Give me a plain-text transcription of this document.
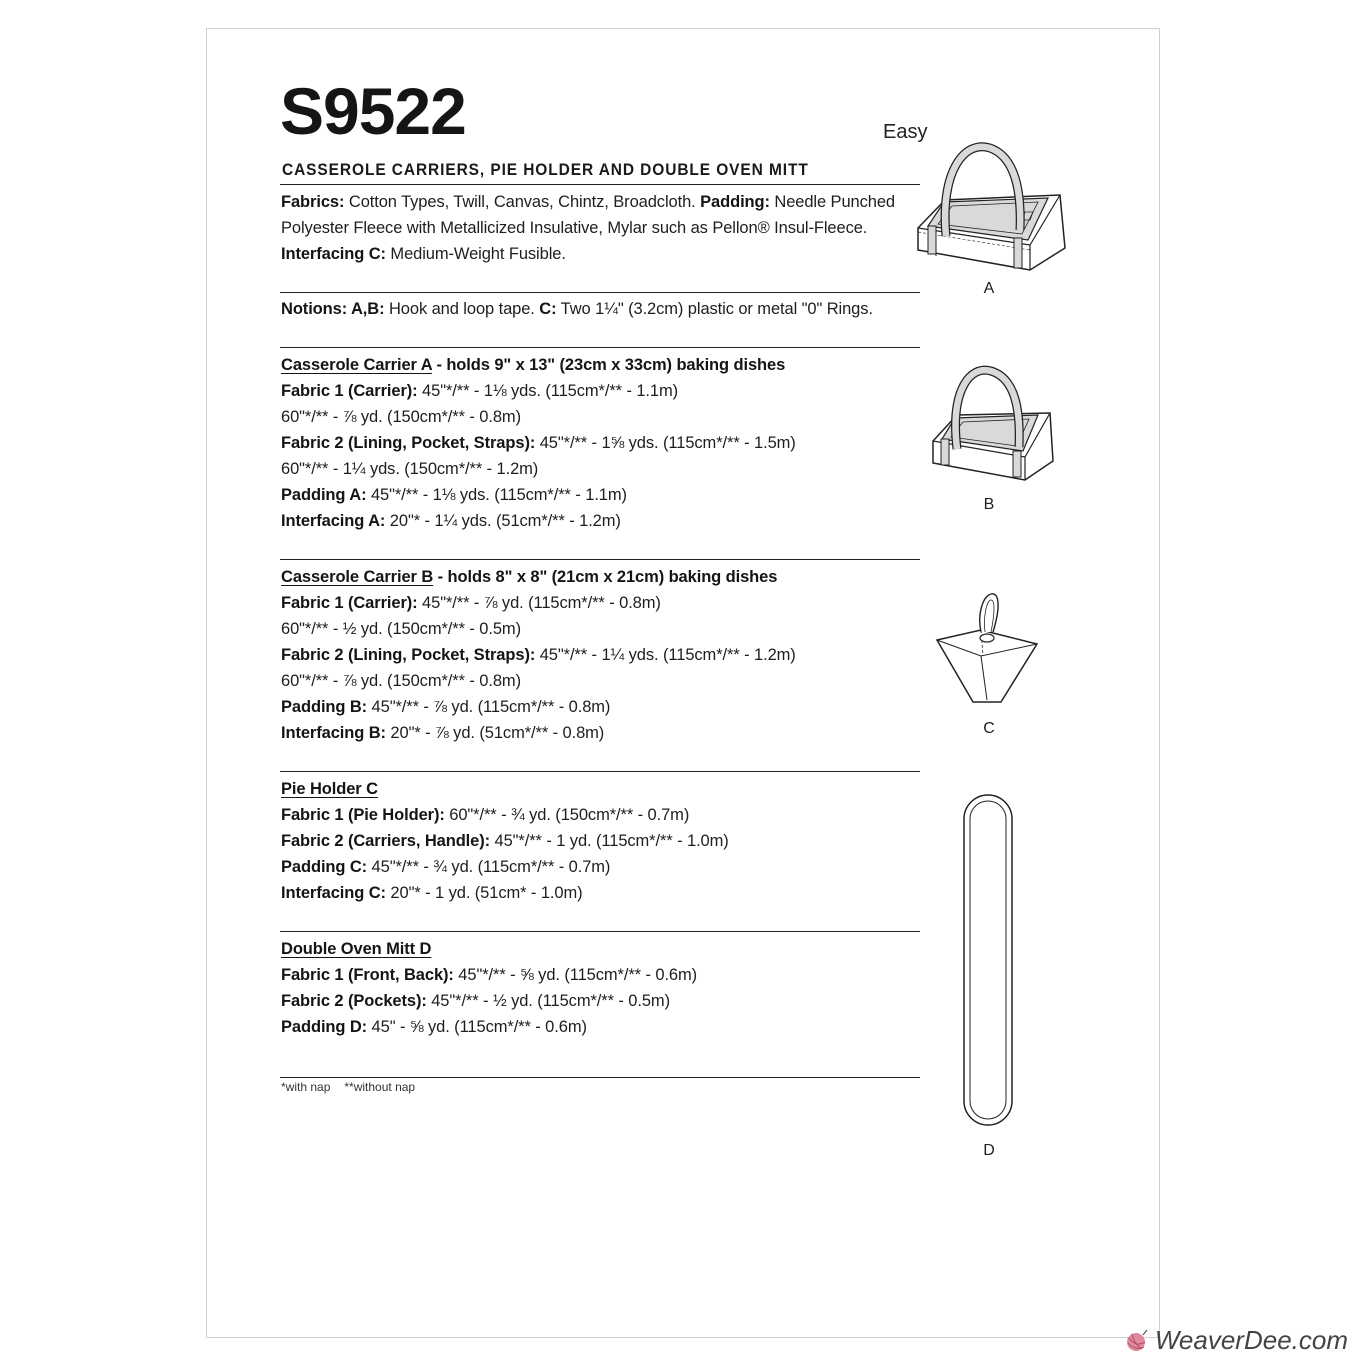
S9522	Easy
CASSEROLE CARRIERS, PIE HOLDER AND DOUBLE OVEN MITT
Fabrics: Cotton Types, Twill, Canvas, Chintz, Broadcloth. Padding: Needle Punched
Polyester Fleece with Metallicized Insulative, Mylar such as Pellon® Insul-Fleece.
Interfacing C: Medium-Weight Fusible.
Notions: A,B: Hook and loop tape. C: Two 1¼" (3.2cm) plastic or metal "0" Rings.
Casserole Carrier A - holds 9" x 13" (23cm x 33cm) baking dishes
Fabric 1 (Carrier): 45"*/** - 1⅛ yds. (115cm*/** - 1.1m)
60"*/** - ⅞ yd. (150cm*/** - 0.8m)
Fabric 2 (Lining, Pocket, Straps): 45"*/** - 1⅝ yds. (115cm*/** - 1.5m)
60"*/** - 1¼ yds. (150cm*/** - 1.2m)
Padding A: 45"*/** - 1⅛ yds. (115cm*/** - 1.1m)
Interfacing A: 20"* - 1¼ yds. (51cm*/** - 1.2m)
Casserole Carrier B - holds 8" x 8" (21cm x 21cm) baking dishes
Fabric 1 (Carrier): 45"*/** - ⅞ yd. (115cm*/** - 0.8m)
60"*/** - ½ yd. (150cm*/** - 0.5m)
Fabric 2 (Lining, Pocket, Straps): 45"*/** - 1¼ yds. (115cm*/** - 1.2m)
60"*/** - ⅞ yd. (150cm*/** - 0.8m)
Padding B: 45"*/** - ⅞ yd. (115cm*/** - 0.8m)
Interfacing B: 20"* - ⅞ yd. (51cm*/** - 0.8m)
Pie Holder C
Fabric 1 (Pie Holder): 60"*/** - ¾ yd. (150cm*/** - 0.7m)
Fabric 2 (Carriers, Handle): 45"*/** - 1 yd. (115cm*/** - 1.0m)
Padding C: 45"*/** - ¾ yd. (115cm*/** - 0.7m)
Interfacing C: 20"* - 1 yd. (51cm* - 1.0m)
Double Oven Mitt D
Fabric 1 (Front, Back): 45"*/** - ⅝ yd. (115cm*/** - 0.6m)
Fabric 2 (Pockets): 45"*/** - ½ yd. (115cm*/** - 0.5m)
Padding D: 45" - ⅝ yd. (115cm*/** - 0.6m)
*with nap **without nap
A
B
C
D
WeaverDee.com
